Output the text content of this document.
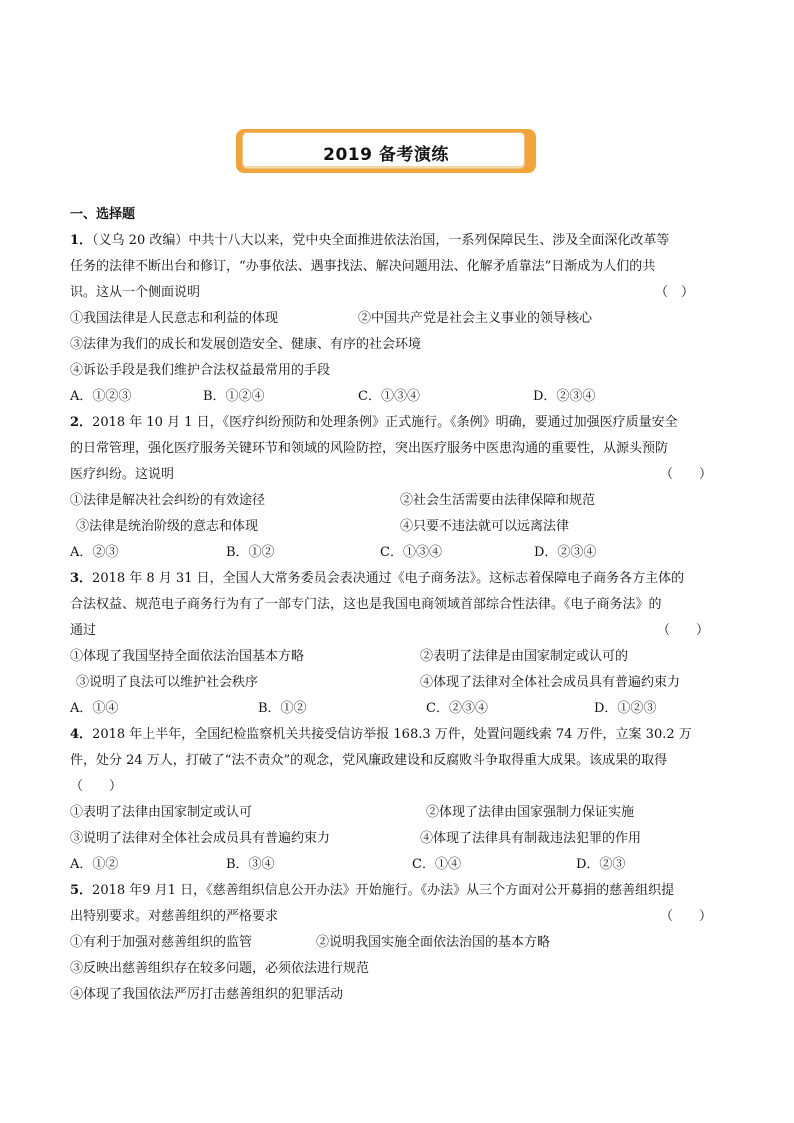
2019 备考演练
一、选择题
1．（义乌 20 改编）中共十八大以来，党中央全面推进依法治国，一系列保障民生、涉及全面深化改革等
任务的法律不断出台和修订，“办事依法、遇事找法、解决问题用法、化解矛盾靠法”日渐成为人们的共
识。这从一个侧面说明	（　）
①我国法律是人民意志和利益的体现	②中国共产党是社会主义事业的领导核心
③法律为我们的成长和发展创造安全、健康、有序的社会环境
④诉讼手段是我们维护合法权益最常用的手段
A．①②③	B．①②④	C．①③④	D．②③④
2．2018 年 10 月 1 日，《医疗纠纷预防和处理条例》正式施行。《条例》明确，要通过加强医疗质量安全
的日常管理，强化医疗服务关键环节和领域的风险防控，突出医疗服务中医患沟通的重要性，从源头预防
医疗纠纷。这说明	（　　）
①法律是解决社会纠纷的有效途径	②社会生活需要由法律保障和规范
③法律是统治阶级的意志和体现	④只要不违法就可以远离法律
A．②③	B．①②	C．①③④	D．②③④
3．2018 年 8 月 31 日，全国人大常务委员会表决通过《电子商务法》。这标志着保障电子商务各方主体的
合法权益、规范电子商务行为有了一部专门法，这也是我国电商领域首部综合性法律。《电子商务法》的
通过	（　　）
①体现了我国坚持全面依法治国基本方略	②表明了法律是由国家制定或认可的
③说明了良法可以维护社会秩序	④体现了法律对全体社会成员具有普遍约束力
A．①④	B．①②	C．②③④	D．①②③
4．2018 年上半年，全国纪检监察机关共接受信访举报 168.3 万件，处置问题线索 74 万件，立案 30.2 万
件，处分 24 万人，打破了“法不责众”的观念，党风廉政建设和反腐败斗争取得重大成果。该成果的取得
（　　）
①表明了法律由国家制定或认可	②体现了法律由国家强制力保证实施
③说明了法律对全体社会成员具有普遍约束力	④体现了法律具有制裁违法犯罪的作用
A．①②	B．③④	C．①④	D．②③
5．2018 年9 月1 日，《慈善组织信息公开办法》开始施行。《办法》从三个方面对公开募捐的慈善组织提
出特别要求。对慈善组织的严格要求	（　　）
①有利于加强对慈善组织的监管	②说明我国实施全面依法治国的基本方略
③反映出慈善组织存在较多问题，必须依法进行规范
④体现了我国依法严厉打击慈善组织的犯罪活动
